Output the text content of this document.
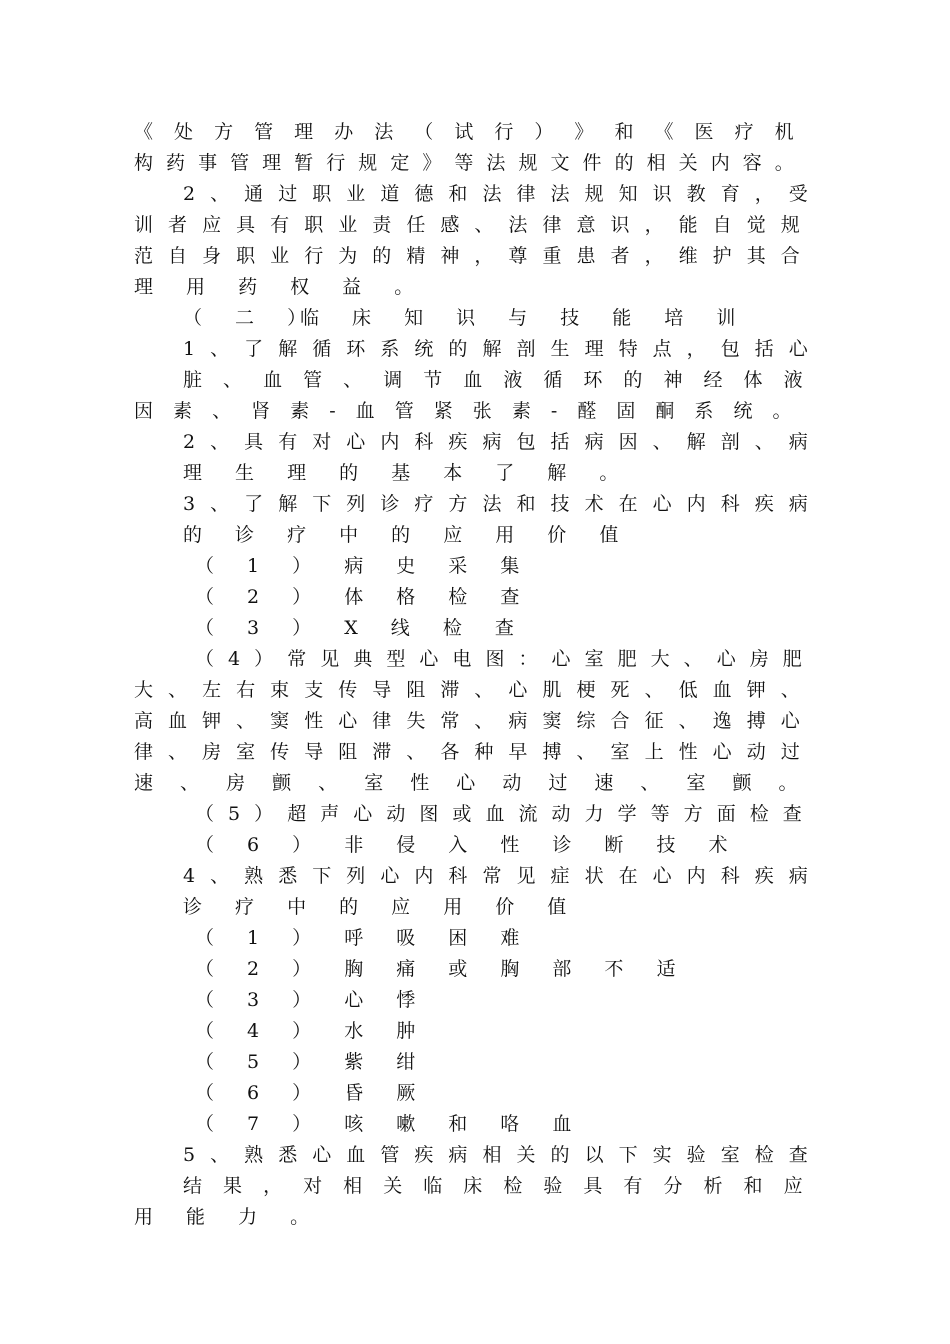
《 处 方 管 理 办 法 （ 试 行 ） 》 和 《 医 疗 机
构 药 事 管 理 暂 行 规 定 》 等 法 规 文 件 的 相 关 内 容 。
2 、 通 过 职 业 道 德 和 法 律 法 规 知 识 教 育 ， 受
训 者 应 具 有 职 业 责 任 感 、 法 律 意 识 ， 能 自 觉 规
范 自 身 职 业 行 为 的 精 神 ， 尊 重 患 者 ， 维 护 其 合
理 用 药 权 益 。
（ 二 ）
临 床 知 识 与 技 能 培 训
1 、 了 解 循 环 系 统 的 解 剖 生 理 特 点 ， 包 括 心
脏 、 血 管 、 调 节 血 液 循 环 的 神 经 体 液
因 素 、 肾 素 - 血 管 紧 张 素 - 醛 固 酮 系 统 。
2 、 具 有 对 心 内 科 疾 病 包 括 病 因 、 解 剖 、 病
理 生 理 的 基 本 了 解 。
3 、 了 解 下 列 诊 疗 方 法 和 技 术 在 心 内 科 疾 病
的 诊 疗 中 的 应 用 价 值
（ 1 ） 病 史 采 集
（ 2 ） 体 格 检 查
（ 3 ） X 线 检 查
（ 4 ） 常 见 典 型 心 电 图 ： 心 室 肥 大 、 心 房 肥
大 、 左 右 束 支 传 导 阻 滞 、 心 肌 梗 死 、 低 血 钾 、
高 血 钾 、 窦 性 心 律 失 常 、 病 窦 综 合 征 、 逸 搏 心
律 、 房 室 传 导 阻 滞 、 各 种 早 搏 、 室 上 性 心 动 过
速 、 房 颤 、 室 性 心 动 过 速 、 室 颤 。
（ 5 ） 超 声 心 动 图 或 血 流 动 力 学 等 方 面 检 查
（ 6 ） 非 侵 入 性 诊 断 技 术
4 、 熟 悉 下 列 心 内 科 常 见 症 状 在 心 内 科 疾 病
诊 疗 中 的 应 用 价 值
（ 1 ） 呼 吸 困 难
（ 2 ） 胸 痛 或 胸 部 不 适
（ 3 ） 心 悸
（ 4 ） 水 肿
（ 5 ） 紫 绀
（ 6 ） 昏 厥
（ 7 ） 咳 嗽 和 咯 血
5 、 熟 悉 心 血 管 疾 病 相 关 的 以 下 实 验 室 检 查
结 果 ， 对 相 关 临 床 检 验 具 有 分 析 和 应
用 能 力 。
